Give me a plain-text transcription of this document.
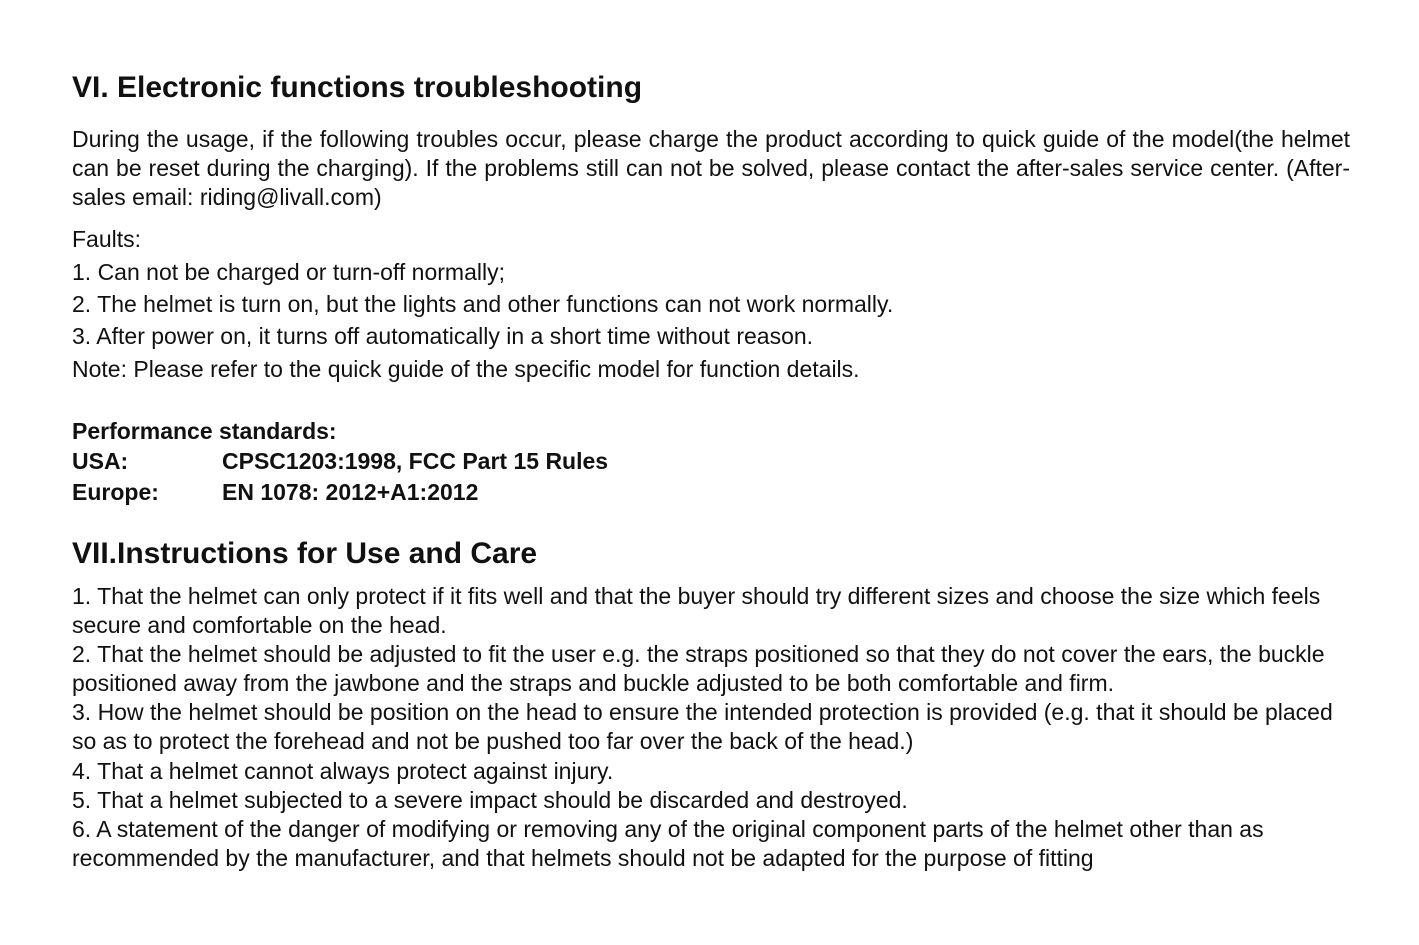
VI. Electronic functions troubleshooting
During the usage, if the following troubles occur, please charge the product according to quick guide of the model(the helmet can be reset during the charging). If the problems still can not be solved, please contact the after-sales service center. (After-sales email: riding@livall.com)
Faults:
1. Can not be charged or turn-off normally;
2. The helmet is turn on, but the lights and other functions can not work normally.
3. After power on, it turns off automatically in a short time without reason.
Note: Please refer to the quick guide of the specific model for function details.
Performance standards:
USA:	CPSC1203:1998, FCC Part 15 Rules
Europe:	EN 1078: 2012+A1:2012
VII.Instructions for Use and Care
1. That the helmet can only protect if it fits well and that the buyer should try different sizes and choose the size which feels secure and comfortable on the head.
2. That the helmet should be adjusted to fit the user e.g. the straps positioned so that they do not cover the ears, the buckle positioned away from the jawbone and the straps and buckle adjusted to be both comfortable and firm.
3. How the helmet should be position on the head to ensure the intended protection is provided (e.g. that it should be placed so as to protect the forehead and not be pushed too far over the back of the head.)
4. That a helmet cannot always protect against injury.
5. That a helmet subjected to a severe impact should be discarded and destroyed.
6. A statement of the danger of modifying or removing any of the original component parts of the helmet other than as recommended by the manufacturer, and that helmets should not be adapted for the purpose of fitting
